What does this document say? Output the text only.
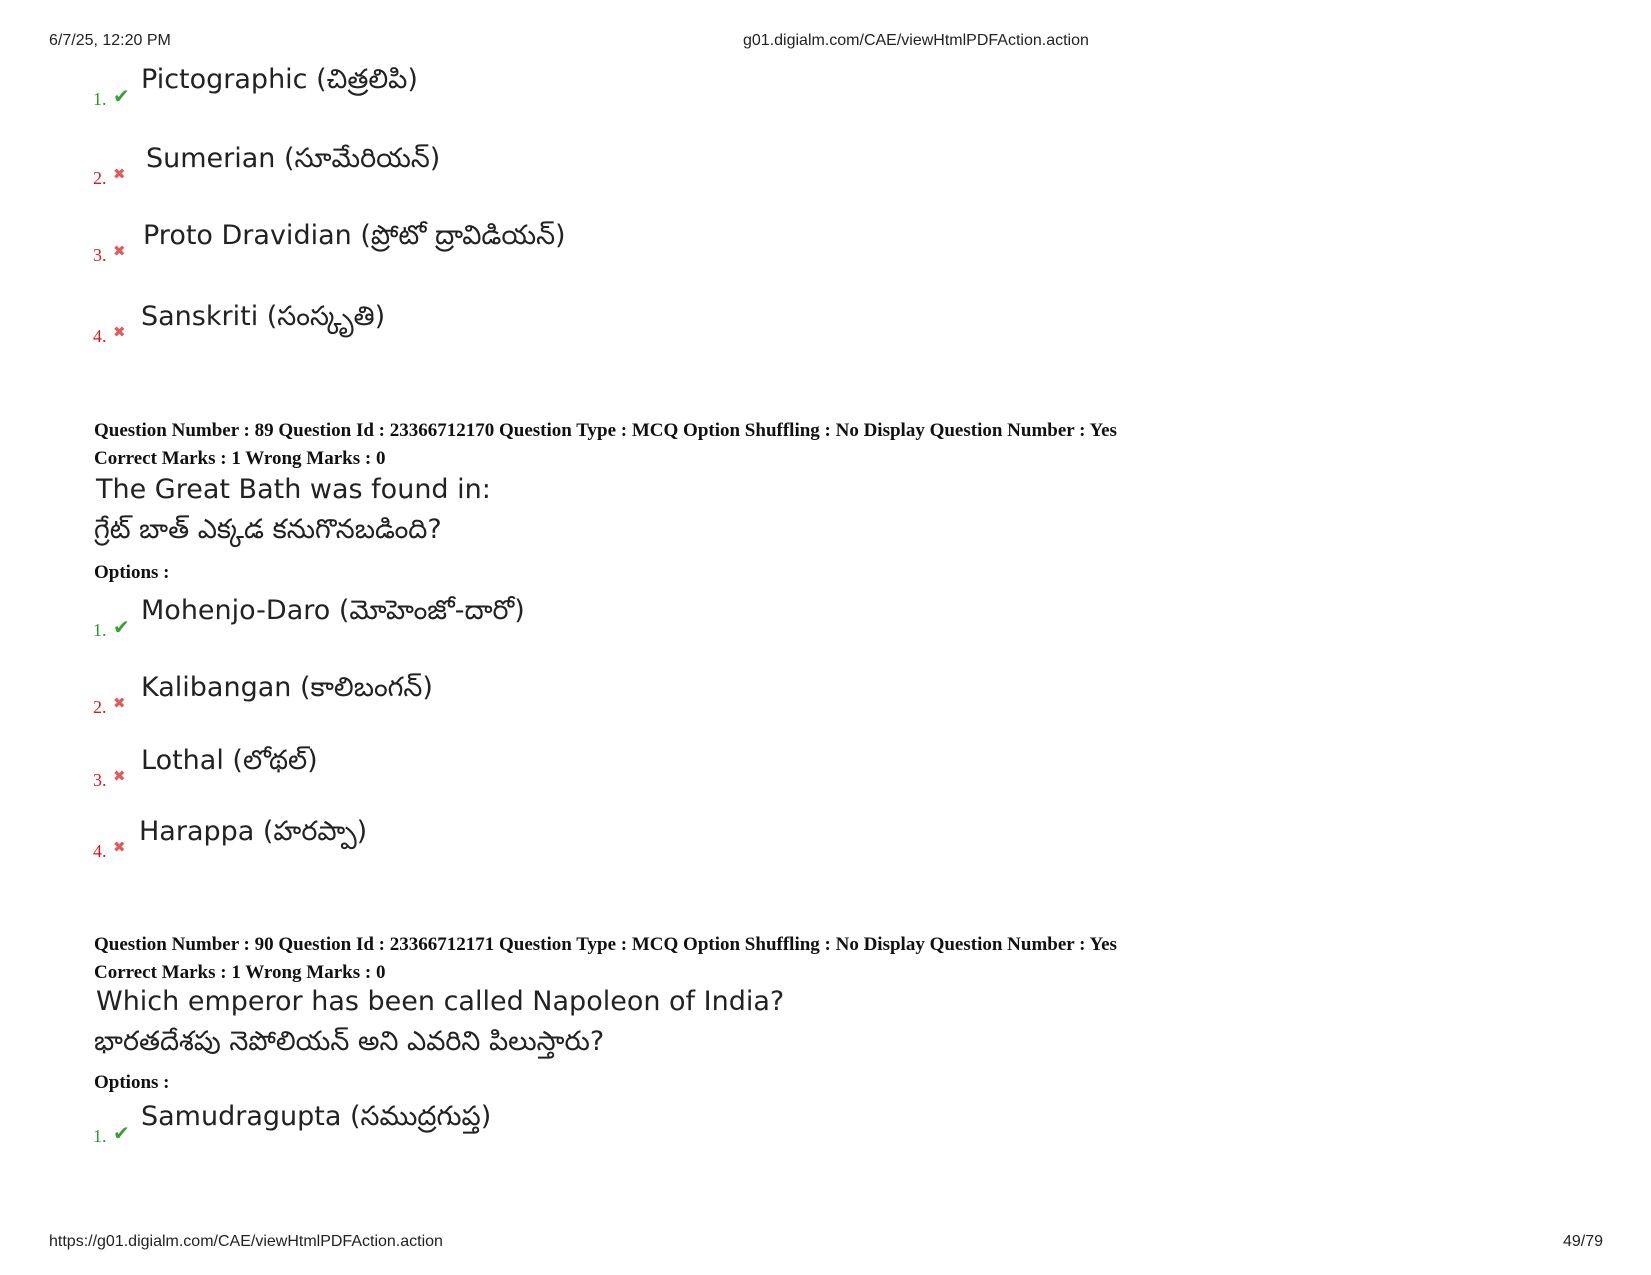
6/7/25, 12:20 PM	g01.digialm.com/CAE/viewHtmlPDFAction.action
1. ✔
Pictographic (చిత్రలిపి)
2. ✖ Sumerian (సూమేరియన్)
3. ✖ Proto Dravidian (ప్రోటో ద్రావిడియన్)
4. ✖ Sanskriti (సంస్కృతి)
Question Number : 89 Question Id : 23366712170 Question Type : MCQ Option Shuffling : No Display Question Number : Yes
Correct Marks : 1 Wrong Marks : 0
The Great Bath was found in:
గ్రేట్ బాత్ ఎక్కడ కనుగొనబడింది?
Options :
1. ✔
Mohenjo-Daro (మోహెంజో-దారో)
2. ✖ Kalibangan (కాలిబంగన్)
3. ✖ Lothal (లోథల్)
4. ✖ Harappa (హరప్పా)
Question Number : 90 Question Id : 23366712171 Question Type : MCQ Option Shuffling : No Display Question Number : Yes
Correct Marks : 1 Wrong Marks : 0
Which emperor has been called Napoleon of India?
భారతదేశపు నెపోలియన్ అని ఎవరిని పిలుస్తారు?
Options :
1. ✔
Samudragupta (సముద్రగుప్త)
https://g01.digialm.com/CAE/viewHtmlPDFAction.action	49/79
